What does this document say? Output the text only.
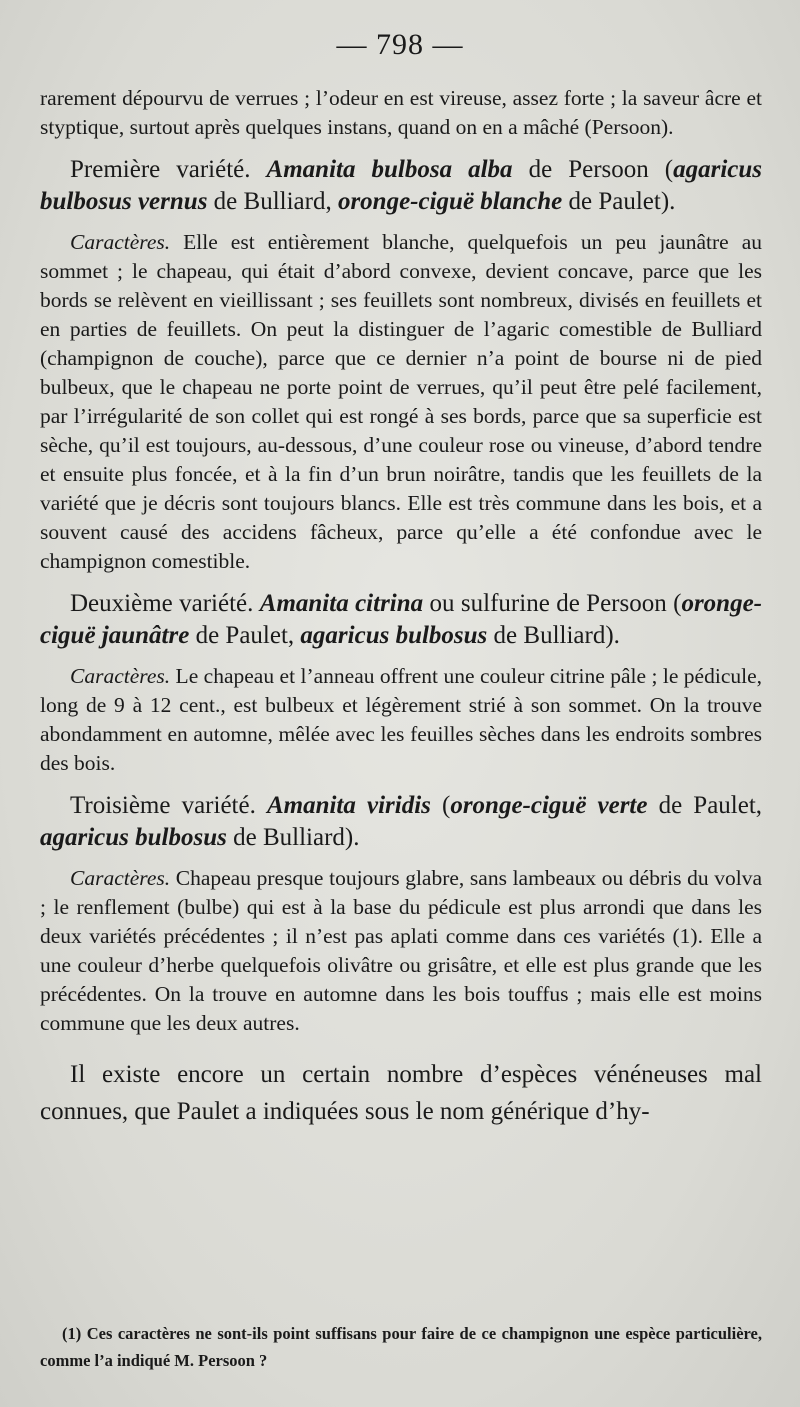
— 798 —

rarement dépourvu de verrues ; l’odeur en est vireuse, assez forte ; la saveur âcre et styptique, surtout après quelques instans, quand on en a mâché (Persoon).

Première variété. Amanita bulbosa alba de Persoon (agaricus bulbosus vernus de Bulliard, oronge-ciguë blanche de Paulet).

Caractères. Elle est entièrement blanche, quelquefois un peu jaunâtre au sommet ; le chapeau, qui était d’abord convexe, devient concave, parce que les bords se relèvent en vieillissant ; ses feuillets sont nombreux, divisés en feuillets et en parties de feuillets. On peut la distinguer de l’agaric comestible de Bulliard (champignon de couche), parce que ce dernier n’a point de bourse ni de pied bulbeux, que le chapeau ne porte point de verrues, qu’il peut être pelé facilement, par l’irrégularité de son collet qui est rongé à ses bords, parce que sa superficie est sèche, qu’il est toujours, au-dessous, d’une couleur rose ou vineuse, d’abord tendre et ensuite plus foncée, et à la fin d’un brun noirâtre, tandis que les feuillets de la variété que je décris sont toujours blancs. Elle est très commune dans les bois, et a souvent causé des accidens fâcheux, parce qu’elle a été confondue avec le champignon comestible.

Deuxième variété. Amanita citrina ou sulfurine de Persoon (oronge-ciguë jaunâtre de Paulet, agaricus bulbosus de Bulliard).

Caractères. Le chapeau et l’anneau offrent une couleur citrine pâle ; le pédicule, long de 9 à 12 cent., est bulbeux et légèrement strié à son sommet. On la trouve abondamment en automne, mêlée avec les feuilles sèches dans les endroits sombres des bois.

Troisième variété. Amanita viridis (oronge-ciguë verte de Paulet, agaricus bulbosus de Bulliard).

Caractères. Chapeau presque toujours glabre, sans lambeaux ou débris du volva ; le renflement (bulbe) qui est à la base du pédicule est plus arrondi que dans les deux variétés précédentes ; il n’est pas aplati comme dans ces variétés (1). Elle a une couleur d’herbe quelquefois olivâtre ou grisâtre, et elle est plus grande que les précédentes. On la trouve en automne dans les bois touffus ; mais elle est moins commune que les deux autres.

Il existe encore un certain nombre d’espèces vénéneuses mal connues, que Paulet a indiquées sous le nom générique d’hy-

(1) Ces caractères ne sont-ils point suffisans pour faire de ce champignon une espèce particulière, comme l’a indiqué M. Persoon ?
